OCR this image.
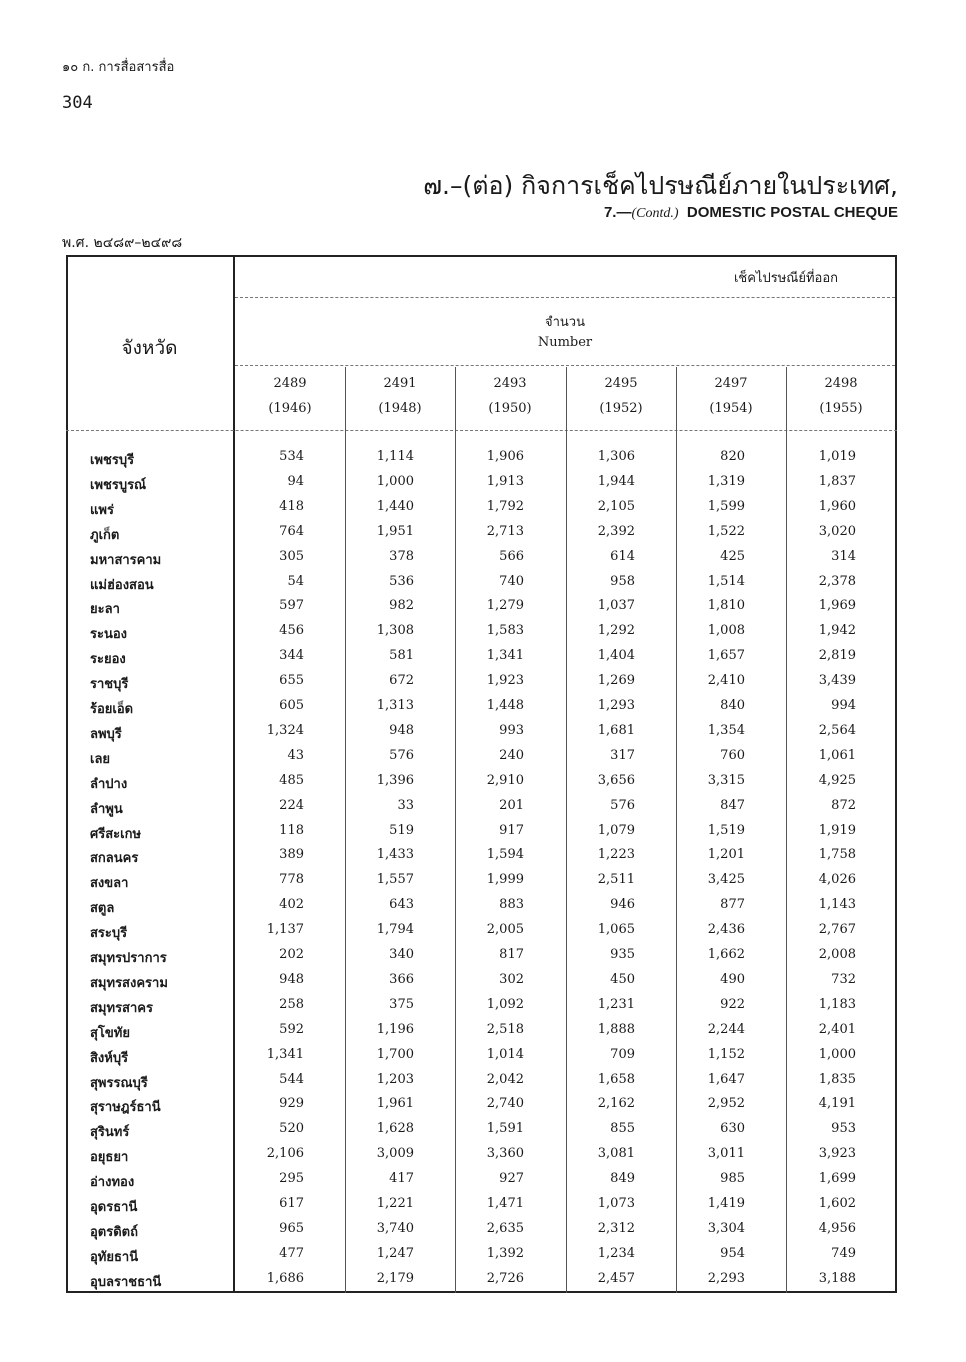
๑๐ ก. การสื่อสารสื่อ
304
๗.–(ต่อ) กิจการเช็คไปรษณีย์ภายในประเทศ,
7.—(Contd.) DOMESTIC POSTAL CHEQUE
พ.ศ. ๒๔๘๙–๒๔๙๘
จังหวัด
เช็คไปรษณีย์ที่ออก
จำนวน
Number
2489
(1946)
2491
(1948)
2493
(1950)
2495
(1952)
2497
(1954)
2498
(1955)
เพชรบุรี	534	1,114	1,906	1,306	820	1,019
เพชรบูรณ์	94	1,000	1,913	1,944	1,319	1,837
แพร่	418	1,440	1,792	2,105	1,599	1,960
ภูเก็ต	764	1,951	2,713	2,392	1,522	3,020
มหาสารคาม	305	378	566	614	425	314
แม่ฮ่องสอน	54	536	740	958	1,514	2,378
ยะลา	597	982	1,279	1,037	1,810	1,969
ระนอง	456	1,308	1,583	1,292	1,008	1,942
ระยอง	344	581	1,341	1,404	1,657	2,819
ราชบุรี	655	672	1,923	1,269	2,410	3,439
ร้อยเอ็ด	605	1,313	1,448	1,293	840	994
ลพบุรี	1,324	948	993	1,681	1,354	2,564
เลย	43	576	240	317	760	1,061
ลำปาง	485	1,396	2,910	3,656	3,315	4,925
ลำพูน	224	33	201	576	847	872
ศรีสะเกษ	118	519	917	1,079	1,519	1,919
สกลนคร	389	1,433	1,594	1,223	1,201	1,758
สงขลา	778	1,557	1,999	2,511	3,425	4,026
สตูล	402	643	883	946	877	1,143
สระบุรี	1,137	1,794	2,005	1,065	2,436	2,767
สมุทรปราการ	202	340	817	935	1,662	2,008
สมุทรสงคราม	948	366	302	450	490	732
สมุทรสาคร	258	375	1,092	1,231	922	1,183
สุโขทัย	592	1,196	2,518	1,888	2,244	2,401
สิงห์บุรี	1,341	1,700	1,014	709	1,152	1,000
สุพรรณบุรี	544	1,203	2,042	1,658	1,647	1,835
สุราษฎร์ธานี	929	1,961	2,740	2,162	2,952	4,191
สุรินทร์	520	1,628	1,591	855	630	953
อยุธยา	2,106	3,009	3,360	3,081	3,011	3,923
อ่างทอง	295	417	927	849	985	1,699
อุดรธานี	617	1,221	1,471	1,073	1,419	1,602
อุตรดิตถ์	965	3,740	2,635	2,312	3,304	4,956
อุทัยธานี	477	1,247	1,392	1,234	954	749
อุบลราชธานี	1,686	2,179	2,726	2,457	2,293	3,188
